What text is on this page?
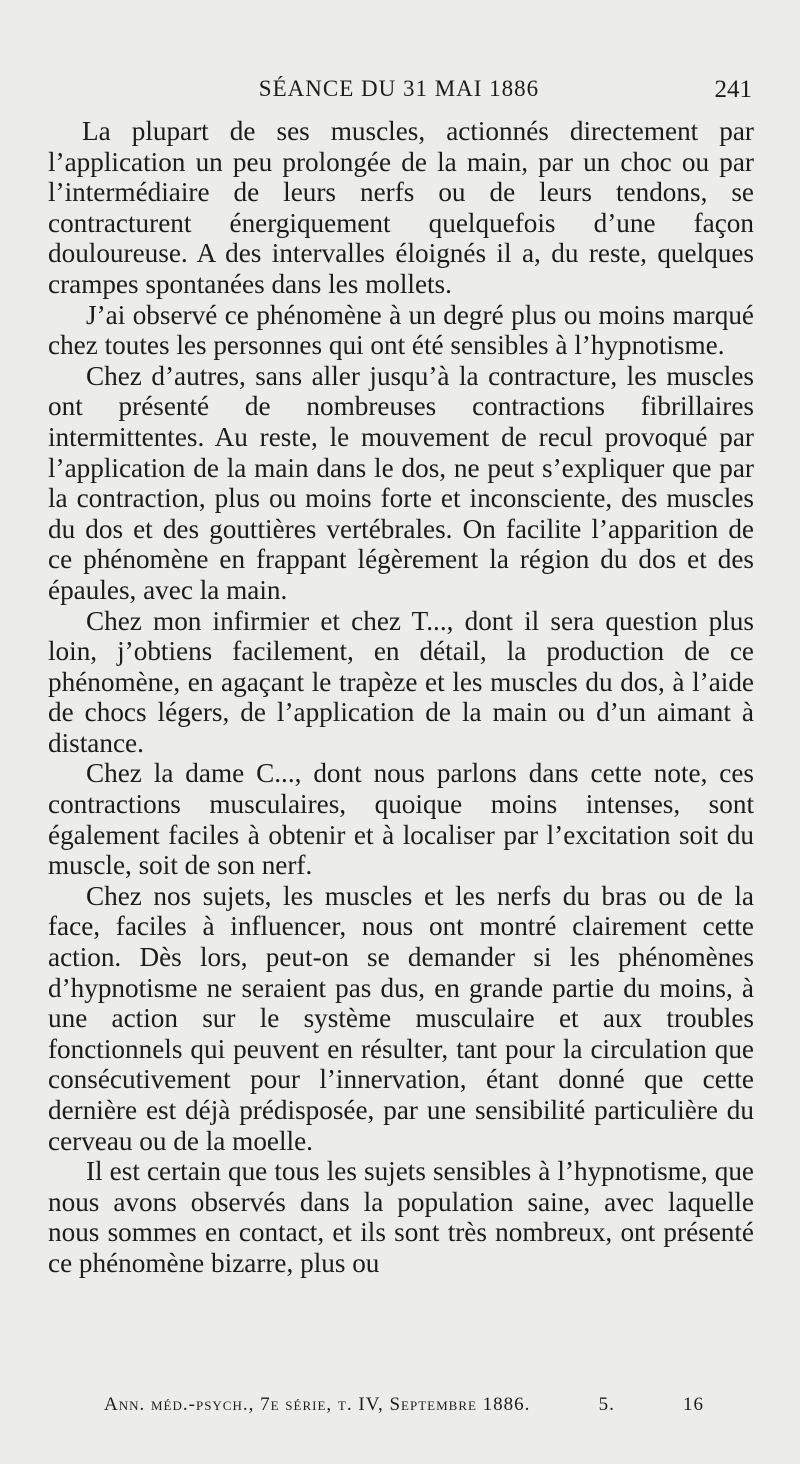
SÉANCE DU 31 MAI 1886	241

La plupart de ses muscles, actionnés directement par l’application un peu prolongée de la main, par un choc ou par l’intermédiaire de leurs nerfs ou de leurs tendons, se contracturent énergiquement quelquefois d’une façon douloureuse. A des intervalles éloignés il a, du reste, quelques crampes spontanées dans les mollets.

J’ai observé ce phénomène à un degré plus ou moins marqué chez toutes les personnes qui ont été sensibles à l’hypnotisme.

Chez d’autres, sans aller jusqu’à la contracture, les muscles ont présenté de nombreuses contractions fibrillaires intermittentes. Au reste, le mouvement de recul provoqué par l’application de la main dans le dos, ne peut s’expliquer que par la contraction, plus ou moins forte et inconsciente, des muscles du dos et des gouttières vertébrales. On facilite l’apparition de ce phénomène en frappant légèrement la région du dos et des épaules, avec la main.

Chez mon infirmier et chez T..., dont il sera question plus loin, j’obtiens facilement, en détail, la production de ce phénomène, en agaçant le trapèze et les muscles du dos, à l’aide de chocs légers, de l’application de la main ou d’un aimant à distance.

Chez la dame C..., dont nous parlons dans cette note, ces contractions musculaires, quoique moins intenses, sont également faciles à obtenir et à localiser par l’excitation soit du muscle, soit de son nerf.

Chez nos sujets, les muscles et les nerfs du bras ou de la face, faciles à influencer, nous ont montré clairement cette action. Dès lors, peut-on se demander si les phénomènes d’hypnotisme ne seraient pas dus, en grande partie du moins, à une action sur le système musculaire et aux troubles fonctionnels qui peuvent en résulter, tant pour la circulation que consécutivement pour l’innervation, étant donné que cette dernière est déjà prédisposée, par une sensibilité particulière du cerveau ou de la moelle.

Il est certain que tous les sujets sensibles à l’hypnotisme, que nous avons observés dans la population saine, avec laquelle nous sommes en contact, et ils sont très nombreux, ont présenté ce phénomène bizarre, plus ou

Ann. méd.-psych., 7e série, t. IV, Septembre 1886.	5.	16
